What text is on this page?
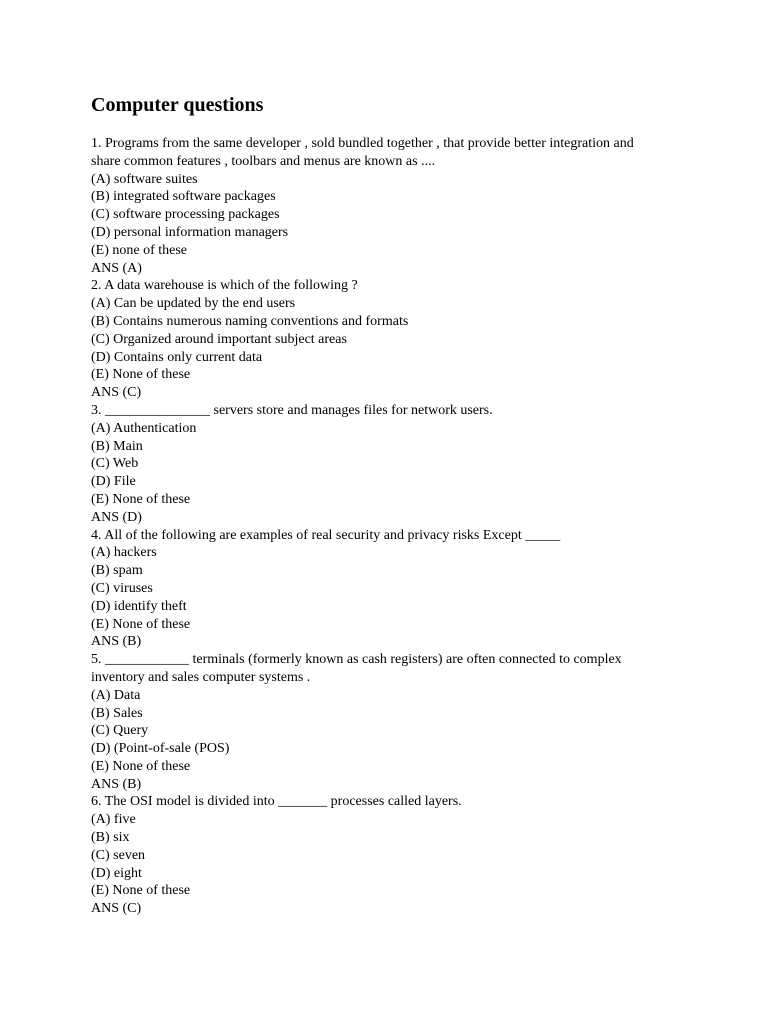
Computer questions
1. Programs from the same developer , sold bundled together , that provide better integration and
share common features , toolbars and menus are known as ....
(A) software suites
(B) integrated software packages
(C) software processing packages
(D) personal information managers
(E) none of these
ANS (A)
2. A data warehouse is which of the following ?
(A) Can be updated by the end users
(B) Contains numerous naming conventions and formats
(C) Organized around important subject areas
(D) Contains only current data
(E) None of these
ANS (C)
3. _______________ servers store and manages files for network users.
(A) Authentication
(B) Main
(C) Web
(D) File
(E) None of these
ANS (D)
4. All of the following are examples of real security and privacy risks Except _____
(A) hackers
(B) spam
(C) viruses
(D) identify theft
(E) None of these
ANS (B)
5. ____________ terminals (formerly known as cash registers) are often connected to complex
inventory and sales computer systems .
(A) Data
(B) Sales
(C) Query
(D) (Point-of-sale (POS)
(E) None of these
ANS (B)
6. The OSI model is divided into _______ processes called layers.
(A) five
(B) six
(C) seven
(D) eight
(E) None of these
ANS (C)
